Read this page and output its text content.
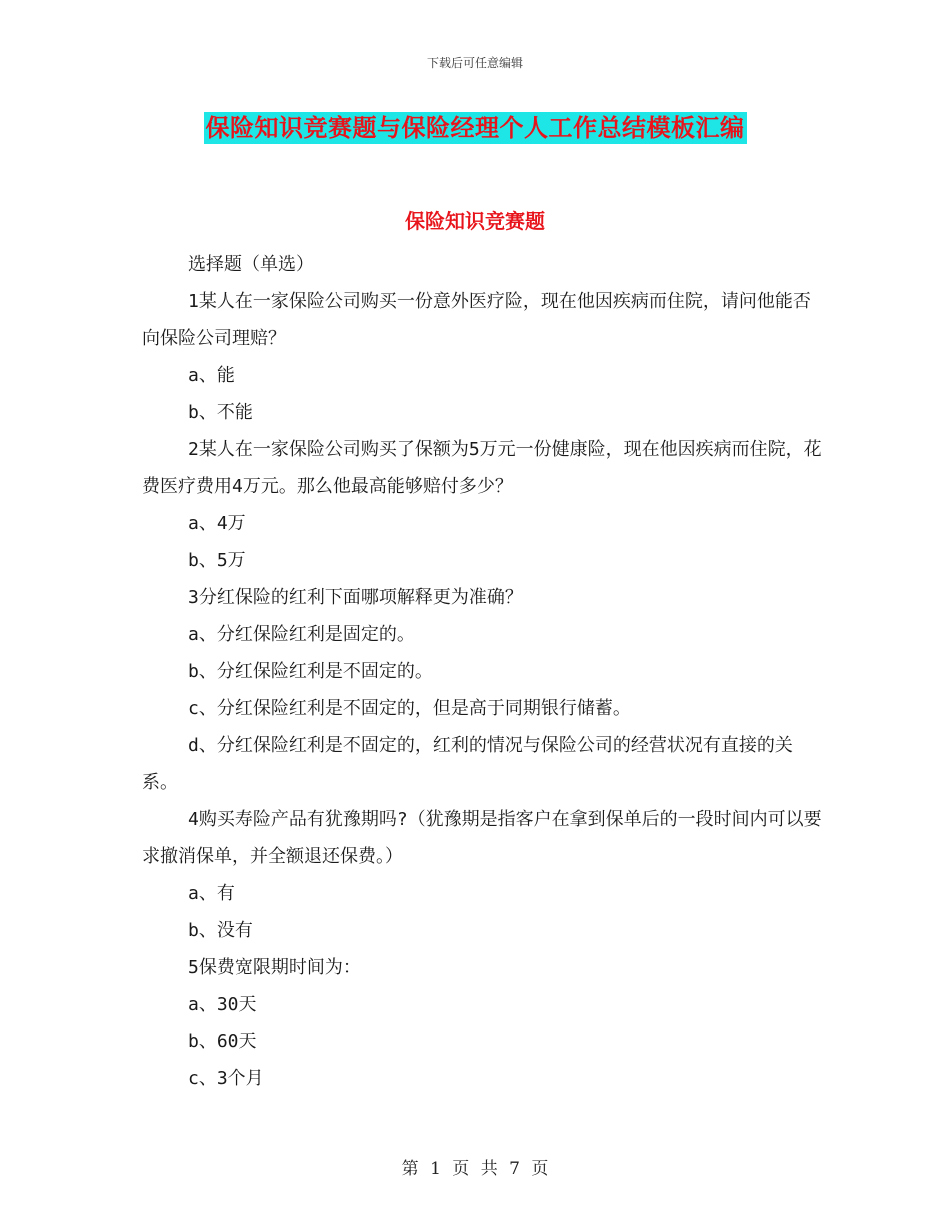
下载后可任意编辑
保险知识竞赛题与保险经理个人工作总结模板汇编
保险知识竞赛题

选择题（单选）

1某人在一家保险公司购买一份意外医疗险，现在他因疾病而住院，请问他能否向保险公司理赔？

a、能

b、不能

2某人在一家保险公司购买了保额为5万元一份健康险，现在他因疾病而住院，花费医疗费用4万元。那么他最高能够赔付多少？

a、4万

b、5万

3分红保险的红利下面哪项解释更为准确？

a、分红保险红利是固定的。

b、分红保险红利是不固定的。

c、分红保险红利是不固定的，但是高于同期银行储蓄。

d、分红保险红利是不固定的，红利的情况与保险公司的经营状况有直接的关系。

4购买寿险产品有犹豫期吗?（犹豫期是指客户在拿到保单后的一段时间内可以要求撤消保单，并全额退还保费。）

a、有

b、没有

5保费宽限期时间为：

a、30天

b、60天

c、3个月

第 1 页 共 7 页
